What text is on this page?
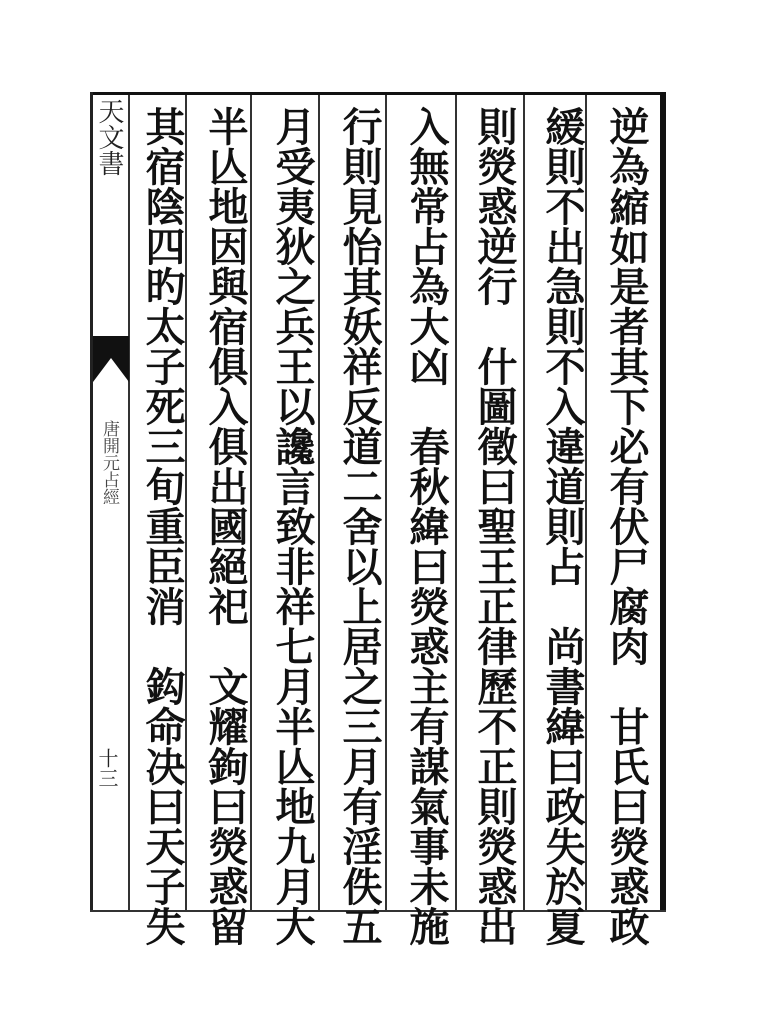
天文書
唐開元占經
十三	逆為縮如是者其下必有伏尸腐肉　甘氏曰熒惑政
緩則不出急則不入違道則占　尚書緯曰政失於夏
則熒惑逆行　什圖徵曰聖王正律歷不正則熒惑出
入無常占為大凶　春秋緯曰熒惑主有謀氣事未施
行則見怡其妖祥反道二舍以上居之三月有淫佚五
月受夷狄之兵王以讒言致非祥七月半亾地九月大
半亾地因與宿俱入俱出國絕祀　文耀鉤曰熒惑留
其宿陰四旳太子死三旬重臣消　鈎命决曰天子失
